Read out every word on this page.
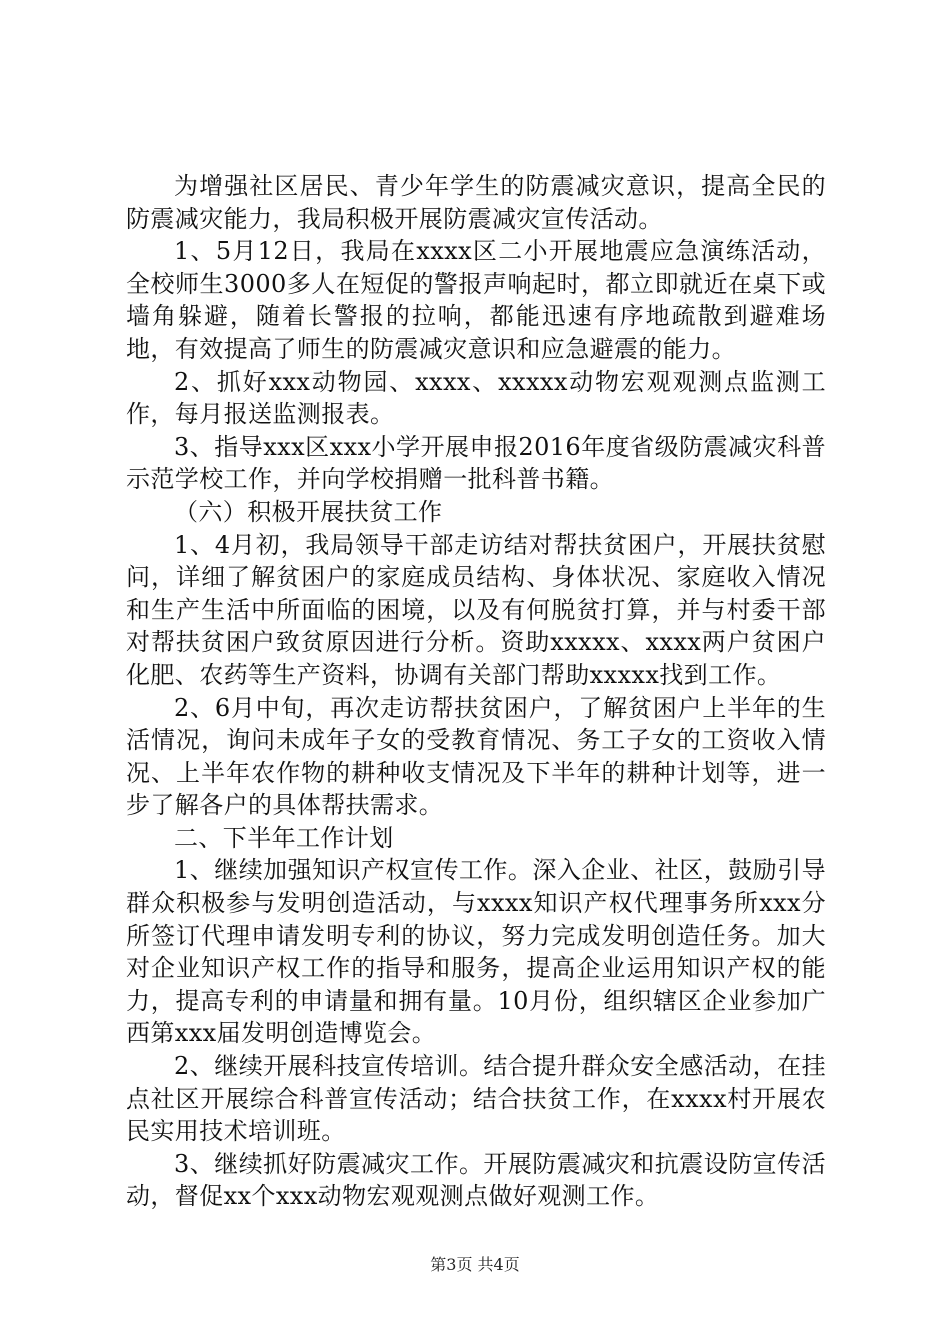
为增强社区居民、青少年学生的防震减灾意识，提高全民的防震减灾能力，我局积极开展防震减灾宣传活动。

1、5月12日，我局在xxxx区二小开展地震应急演练活动，全校师生3000多人在短促的警报声响起时，都立即就近在桌下或墙角躲避，随着长警报的拉响，都能迅速有序地疏散到避难场地，有效提高了师生的防震减灾意识和应急避震的能力。

2、抓好xxx动物园、xxxx、xxxxx动物宏观观测点监测工作，每月报送监测报表。

3、指导xxx区xxx小学开展申报2016年度省级防震减灾科普示范学校工作，并向学校捐赠一批科普书籍。

（六）积极开展扶贫工作

1、4月初，我局领导干部走访结对帮扶贫困户，开展扶贫慰问，详细了解贫困户的家庭成员结构、身体状况、家庭收入情况和生产生活中所面临的困境，以及有何脱贫打算，并与村委干部对帮扶贫困户致贫原因进行分析。资助xxxxx、xxxx两户贫困户化肥、农药等生产资料，协调有关部门帮助xxxxx找到工作。

2、6月中旬，再次走访帮扶贫困户，了解贫困户上半年的生活情况，询问未成年子女的受教育情况、务工子女的工资收入情况、上半年农作物的耕种收支情况及下半年的耕种计划等，进一步了解各户的具体帮扶需求。

二、下半年工作计划

1、继续加强知识产权宣传工作。深入企业、社区，鼓励引导群众积极参与发明创造活动，与xxxx知识产权代理事务所xxx分所签订代理申请发明专利的协议，努力完成发明创造任务。加大对企业知识产权工作的指导和服务，提高企业运用知识产权的能力，提高专利的申请量和拥有量。10月份，组织辖区企业参加广西第xxx届发明创造博览会。

2、继续开展科技宣传培训。结合提升群众安全感活动，在挂点社区开展综合科普宣传活动；结合扶贫工作，在xxxx村开展农民实用技术培训班。

3、继续抓好防震减灾工作。开展防震减灾和抗震设防宣传活动，督促xx个xxx动物宏观观测点做好观测工作。

第3页 共4页
